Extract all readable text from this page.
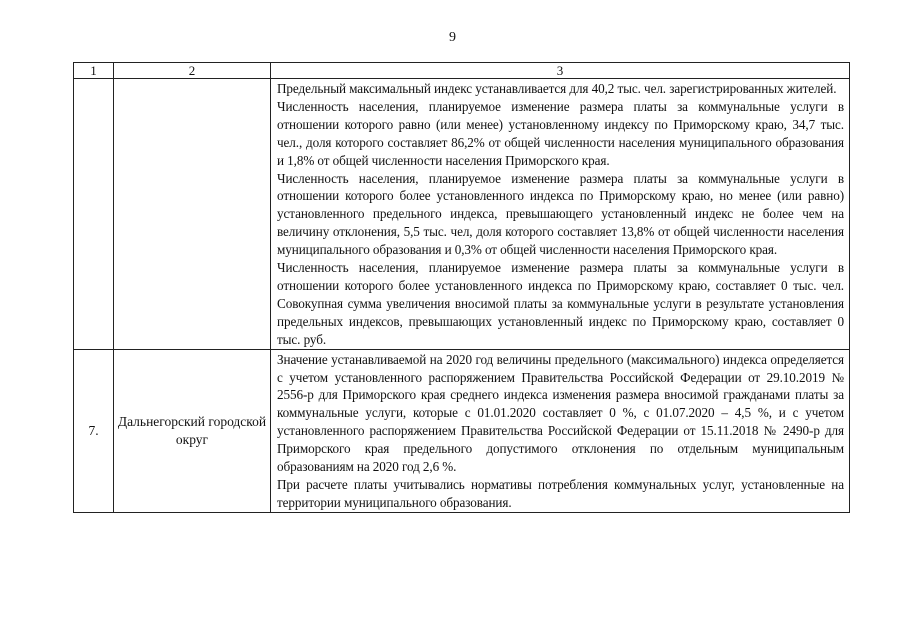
9
1	2	3

		Предельный максимальный индекс устанавливается для 40,2 тыс. чел. зарегистрированных жителей.

Численность населения, планируемое изменение размера платы за коммунальные услуги в отношении которого равно (или менее) установленному индексу по Приморскому краю, 34,7 тыс. чел., доля которого составляет 86,2% от общей численности населения муниципального образования и 1,8% от общей численности населения Приморского края.

Численность населения, планируемое изменение размера платы за коммунальные услуги в отношении которого более установленного индекса по Приморскому краю, но менее (или равно) установленного предельного индекса, превышающего установленный индекс не более чем на величину отклонения, 5,5 тыс. чел, доля которого составляет 13,8% от общей численности населения муниципального образования и 0,3% от общей численности населения Приморского края.

Численность населения, планируемое изменение размера платы за коммунальные услуги в отношении которого более установленного индекса по Приморскому краю, составляет 0 тыс. чел. Совокупная сумма увеличения вносимой платы за коммунальные услуги в результате установления предельных индексов, превышающих установленный индекс по Приморскому краю, составляет 0 тыс. руб.

7.	Дальнегорский городской округ	Значение устанавливаемой на 2020 год величины предельного (максимального) индекса определяется с учетом установленного распоряжением Правительства Российской Федерации от 29.10.2019 № 2556-р для Приморского края среднего индекса изменения размера вносимой гражданами платы за коммунальные услуги, которые с 01.01.2020 составляет 0 %, с 01.07.2020 – 4,5 %, и с учетом установленного распоряжением Правительства Российской Федерации от 15.11.2018 № 2490-р для Приморского края предельного допустимого отклонения по отдельным муниципальным образованиям на 2020 год 2,6 %.

При расчете платы учитывались нормативы потребления коммунальных услуг, установленные на территории муниципального образования.
